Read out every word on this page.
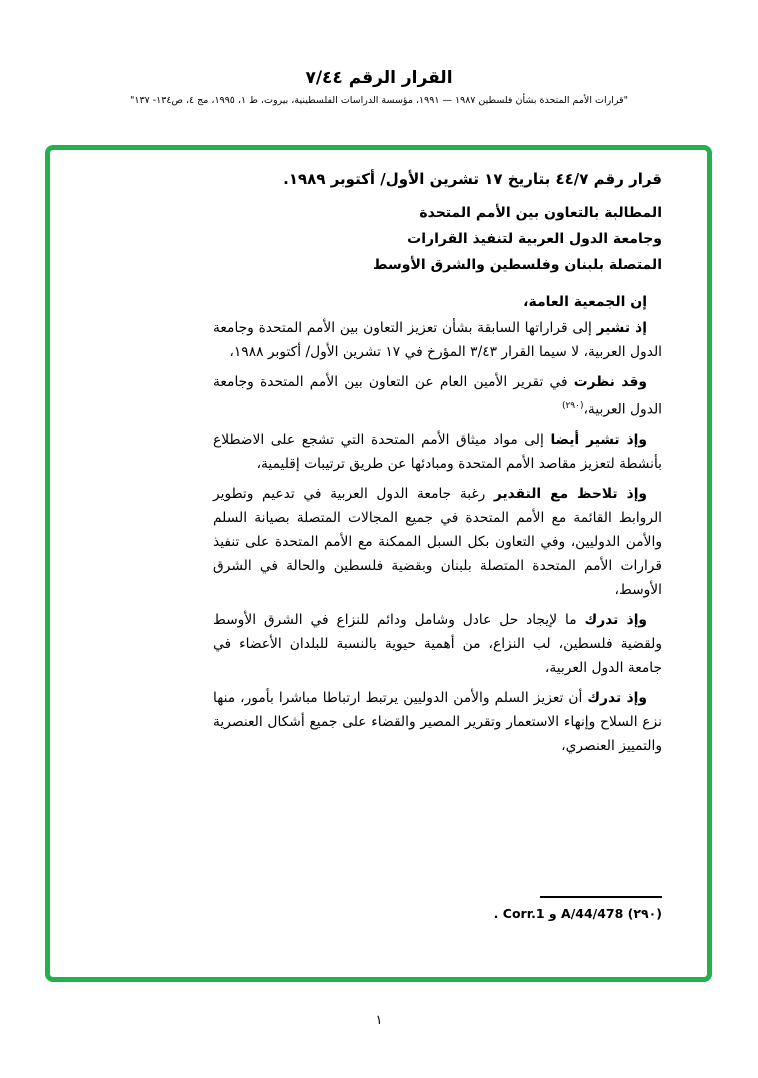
القرار الرقم ٧/٤٤
"قرارات الأمم المتحدة بشأن فلسطين ١٩٨٧ — ١٩٩١، مؤسسة الدراسات الفلسطينية، بيروت، ط ١، ١٩٩٥، مج ٤، ص١٣٤- ١٣٧"

قرار رقم ٤٤/٧ بتاريخ ١٧ تشرين الأول/ أكتوبر ١٩٨٩.

المطالبة بالتعاون بين الأمم المتحدة
وجامعة الدول العربية لتنفيذ القرارات
المتصلة بلبنان وفلسطين والشرق الأوسط

إن الجمعية العامة،

إذ تشير إلى قراراتها السابقة بشأن تعزيز التعاون بين الأمم المتحدة وجامعة الدول العربية، لا سيما القرار ٣/٤٣ المؤرخ في ١٧ تشرين الأول/ أكتوبر ١٩٨٨،

وقد نظرت في تقرير الأمين العام عن التعاون بين الأمم المتحدة وجامعة الدول العربية،$^{(٢٩٠)}$

وإذ تشير أيضا إلى مواد ميثاق الأمم المتحدة التي تشجع على الاضطلاع بأنشطة لتعزيز مقاصد الأمم المتحدة ومبادئها عن طريق ترتيبات إقليمية،

وإذ تلاحظ مع التقدير رغبة جامعة الدول العربية في تدعيم وتطوير الروابط القائمة مع الأمم المتحدة في جميع المجالات المتصلة بصيانة السلم والأمن الدوليين، وفي التعاون بكل السبل الممكنة مع الأمم المتحدة على تنفيذ قرارات الأمم المتحدة المتصلة بلبنان وبقضية فلسطين والحالة في الشرق الأوسط،

وإذ تدرك ما لإيجاد حل عادل وشامل ودائم للنزاع في الشرق الأوسط ولقضية فلسطين، لب النزاع، من أهمية حيوية بالنسبة للبلدان الأعضاء في جامعة الدول العربية،

وإذ تدرك أن تعزيز السلم والأمن الدوليين يرتبط ارتباطا مباشرا بأمور، منها نزع السلاح وإنهاء الاستعمار وتقرير المصير والقضاء على جميع أشكال العنصرية والتمييز العنصري،

(٢٩٠) A/44/478 و Corr.1 .

١
